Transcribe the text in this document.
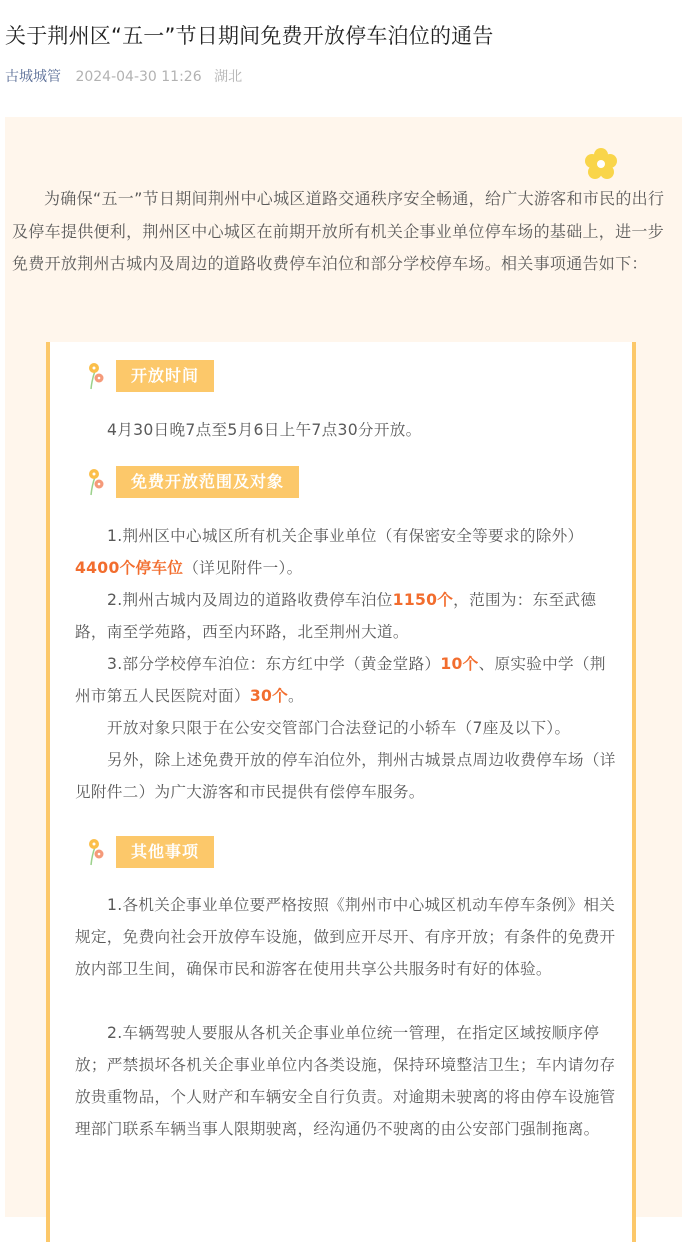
关于荆州区“五一”节日期间免费开放停车泊位的通告
古城城管 2024-04-30 11:26 湖北

为确保“五一”节日期间荆州中心城区道路交通秩序安全畅通，给广大游客和市民的出行及停车提供便利，荆州区中心城区在前期开放所有机关企事业单位停车场的基础上，进一步免费开放荆州古城内及周边的道路收费停车泊位和部分学校停车场。相关事项通告如下：

开放时间

4月30日晚7点至5月6日上午7点30分开放。

免费开放范围及对象

1.荆州区中心城区所有机关企事业单位（有保密安全等要求的除外）4400个停车位（详见附件一）。

2.荆州古城内及周边的道路收费停车泊位1150个，范围为：东至武德路，南至学苑路，西至内环路，北至荆州大道。

3.部分学校停车泊位：东方红中学（黄金堂路）10个、原实验中学（荆州市第五人民医院对面）30个。

开放对象只限于在公安交管部门合法登记的小轿车（7座及以下）。

另外，除上述免费开放的停车泊位外，荆州古城景点周边收费停车场（详见附件二）为广大游客和市民提供有偿停车服务。

其他事项

1.各机关企事业单位要严格按照《荆州市中心城区机动车停车条例》相关规定，免费向社会开放停车设施，做到应开尽开、有序开放；有条件的免费开放内部卫生间，确保市民和游客在使用共享公共服务时有好的体验。

2.车辆驾驶人要服从各机关企事业单位统一管理，在指定区域按顺序停放；严禁损坏各机关企事业单位内各类设施，保持环境整洁卫生；车内请勿存放贵重物品，个人财产和车辆安全自行负责。对逾期未驶离的将由停车设施管理部门联系车辆当事人限期驶离，经沟通仍不驶离的由公安部门强制拖离。
